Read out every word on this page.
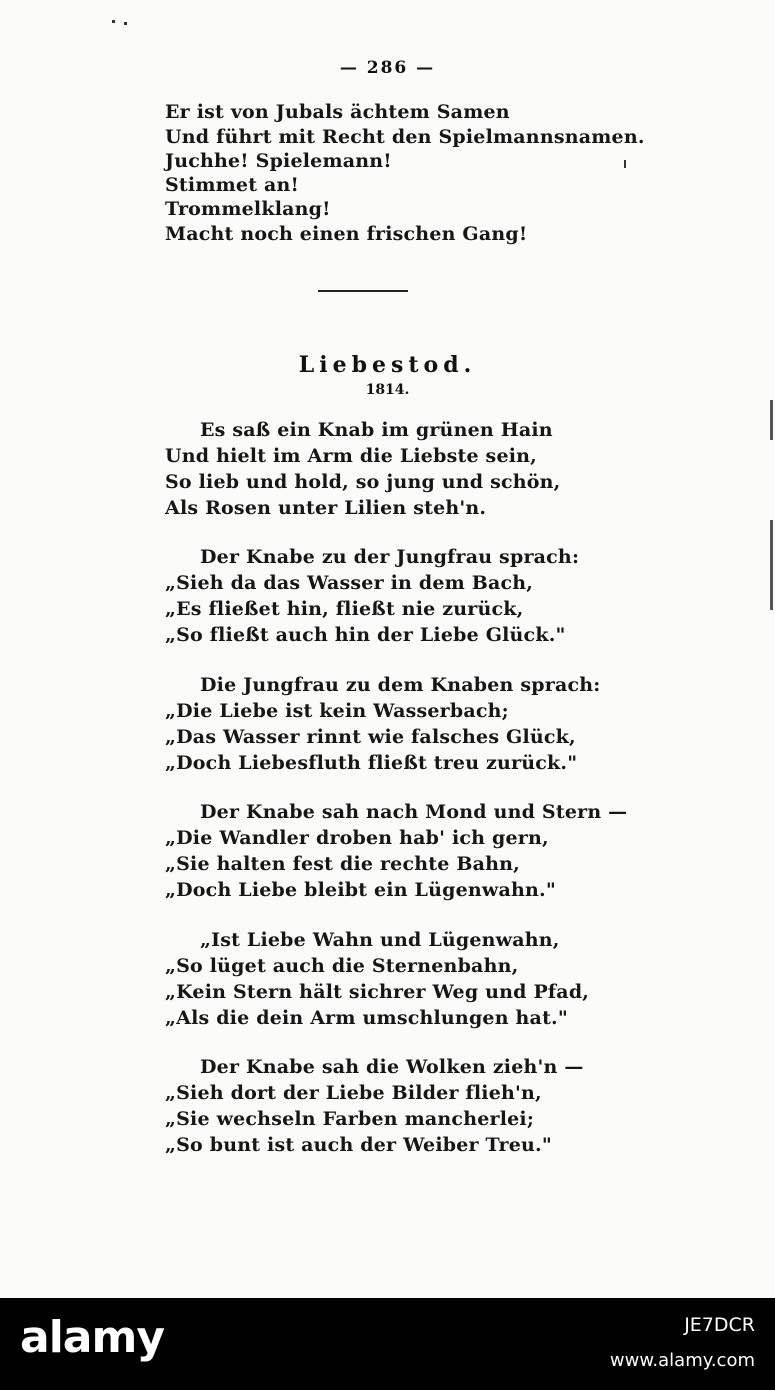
— 286 —
Er ist von Jubals ächtem Samen
Und führt mit Recht den Spielmannsnamen.
Juchhe! Spielemann!
Stimmet an!
Trommelklang!
Macht noch einen frischen Gang!
Liebestod.
1814.
Es saß ein Knab im grünen Hain
Und hielt im Arm die Liebste sein,
So lieb und hold, so jung und schön,
Als Rosen unter Lilien steh'n.
Der Knabe zu der Jungfrau sprach:
„Sieh da das Wasser in dem Bach,
„Es fließet hin, fließt nie zurück,
„So fließt auch hin der Liebe Glück."
Die Jungfrau zu dem Knaben sprach:
„Die Liebe ist kein Wasserbach;
„Das Wasser rinnt wie falsches Glück,
„Doch Liebesfluth fließt treu zurück."
Der Knabe sah nach Mond und Stern —
„Die Wandler droben hab' ich gern,
„Sie halten fest die rechte Bahn,
„Doch Liebe bleibt ein Lügenwahn."
„Ist Liebe Wahn und Lügenwahn,
„So lüget auch die Sternenbahn,
„Kein Stern hält sichrer Weg und Pfad,
„Als die dein Arm umschlungen hat."
Der Knabe sah die Wolken zieh'n —
„Sieh dort der Liebe Bilder flieh'n,
„Sie wechseln Farben mancherlei;
„So bunt ist auch der Weiber Treu."
alamy	JE7DCR
www.alamy.com
